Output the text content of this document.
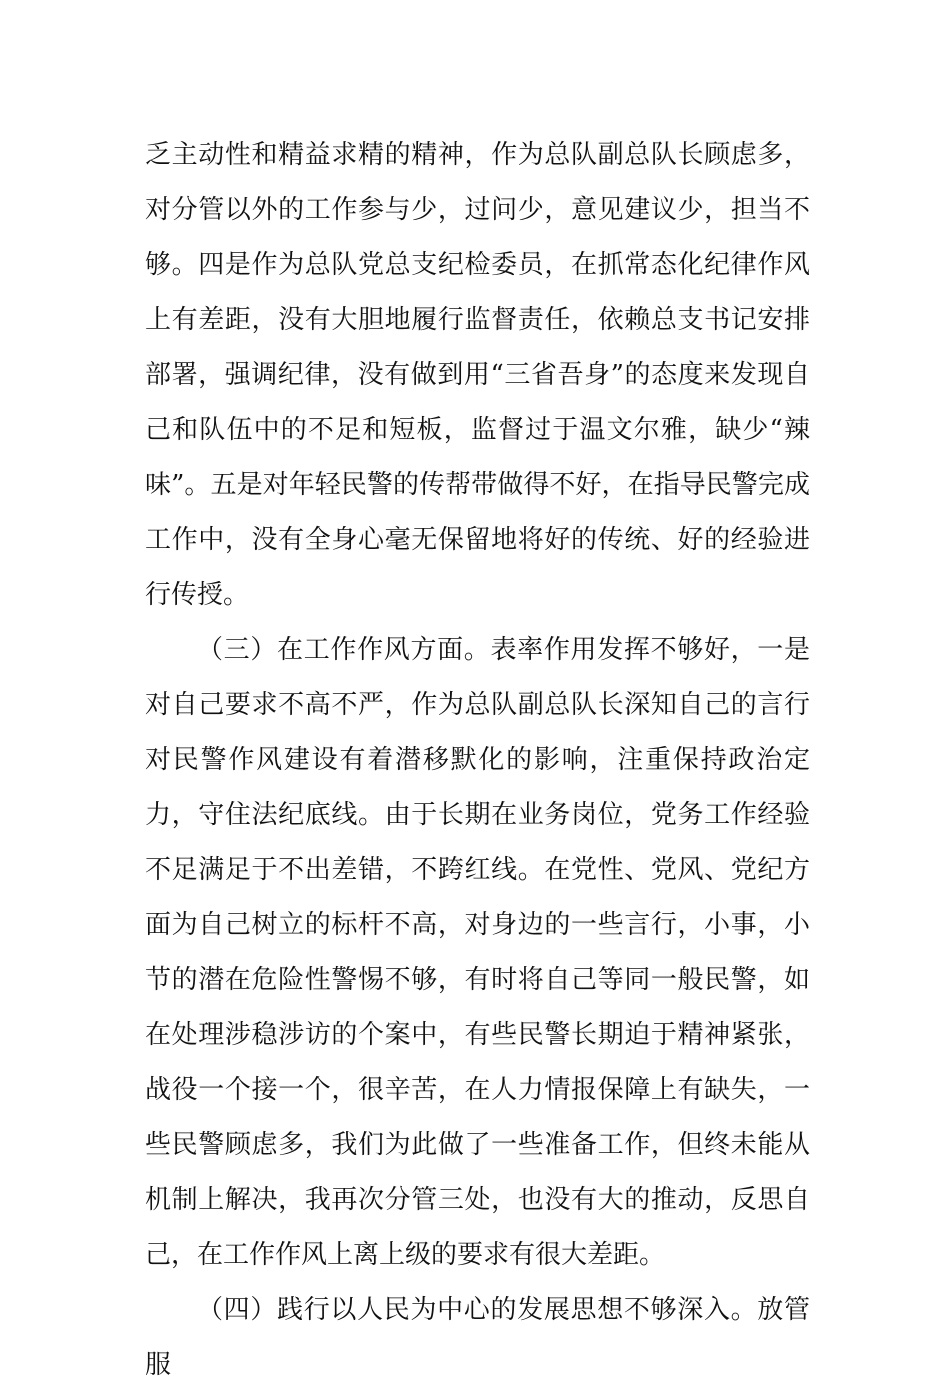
乏主动性和精益求精的精神，作为总队副总队长顾虑多，对分管以外的工作参与少，过问少，意见建议少，担当不够。四是作为总队党总支纪检委员，在抓常态化纪律作风上有差距，没有大胆地履行监督责任，依赖总支书记安排部署，强调纪律，没有做到用“三省吾身”的态度来发现自己和队伍中的不足和短板，监督过于温文尔雅，缺少“辣味”。五是对年轻民警的传帮带做得不好，在指导民警完成工作中，没有全身心毫无保留地将好的传统、好的经验进行传授。

（三）在工作作风方面。表率作用发挥不够好，一是对自己要求不高不严，作为总队副总队长深知自己的言行对民警作风建设有着潜移默化的影响，注重保持政治定力，守住法纪底线。由于长期在业务岗位，党务工作经验不足满足于不出差错，不跨红线。在党性、党风、党纪方面为自己树立的标杆不高，对身边的一些言行，小事，小节的潜在危险性警惕不够，有时将自己等同一般民警，如在处理涉稳涉访的个案中，有些民警长期迫于精神紧张，战役一个接一个，很辛苦，在人力情报保障上有缺失，一些民警顾虑多，我们为此做了一些准备工作，但终未能从机制上解决，我再次分管三处，也没有大的推动，反思自己，在工作作风上离上级的要求有很大差距。

（四）践行以人民为中心的发展思想不够深入。放管服
